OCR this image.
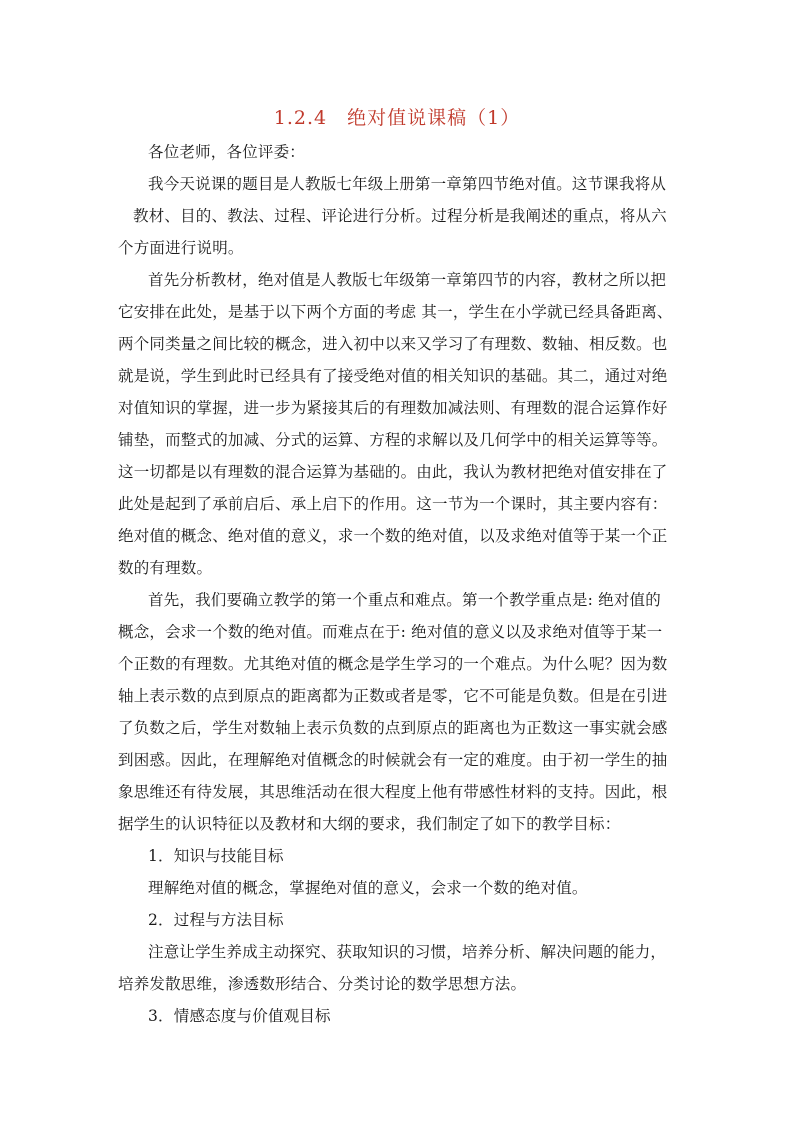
1.2.4　绝对值说课稿（1）
各位老师，各位评委：
我今天说课的题目是人教版七年级上册第一章第四节绝对值。这节课我将从
教材、目的、教法、过程、评论进行分析。过程分析是我阐述的重点，将从六
个方面进行说明。
首先分析教材，绝对值是人教版七年级第一章第四节的内容，教材之所以把
它安排在此处，是基于以下两个方面的考虑 其一，学生在小学就已经具备距离、
两个同类量之间比较的概念，进入初中以来又学习了有理数、数轴、相反数。也
就是说，学生到此时已经具有了接受绝对值的相关知识的基础。其二，通过对绝
对值知识的掌握，进一步为紧接其后的有理数加减法则、有理数的混合运算作好
铺垫，而整式的加减、分式的运算、方程的求解以及几何学中的相关运算等等。
这一切都是以有理数的混合运算为基础的。由此，我认为教材把绝对值安排在了
此处是起到了承前启后、承上启下的作用。这一节为一个课时，其主要内容有：
绝对值的概念、绝对值的意义，求一个数的绝对值，以及求绝对值等于某一个正
数的有理数。
首先，我们要确立教学的第一个重点和难点。第一个教学重点是: 绝对值的
概念，会求一个数的绝对值。而难点在于: 绝对值的意义以及求绝对值等于某一
个正数的有理数。尤其绝对值的概念是学生学习的一个难点。为什么呢？因为数
轴上表示数的点到原点的距离都为正数或者是零，它不可能是负数。但是在引进
了负数之后，学生对数轴上表示负数的点到原点的距离也为正数这一事实就会感
到困惑。因此，在理解绝对值概念的时候就会有一定的难度。由于初一学生的抽
象思维还有待发展，其思维活动在很大程度上他有带感性材料的支持。因此，根
据学生的认识特征以及教材和大纲的要求，我们制定了如下的教学目标：
1．知识与技能目标
理解绝对值的概念，掌握绝对值的意义，会求一个数的绝对值。
2．过程与方法目标
注意让学生养成主动探究、获取知识的习惯，培养分析、解决问题的能力，
培养发散思维，渗透数形结合、分类讨论的数学思想方法。
3．情感态度与价值观目标
